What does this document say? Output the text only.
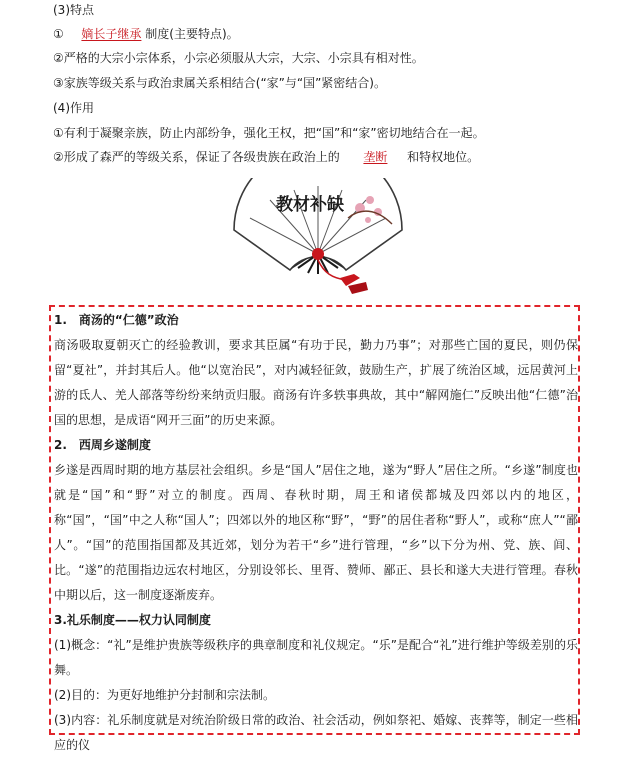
(3)特点
① 嫡长子继承 制度(主要特点)。
②严格的大宗小宗体系，小宗必须服从大宗，大宗、小宗具有相对性。
③家族等级关系与政治隶属关系相结合(“家”与“国”紧密结合)。
(4)作用
①有利于凝聚亲族，防止内部纷争，强化王权，把“国”和“家”密切地结合在一起。
②形成了森严的等级关系，保证了各级贵族在政治上的 垄断 和特权地位。
教材补缺

1.　商汤的“仁德”政治

商汤吸取夏朝灭亡的经验教训，要求其臣属“有功于民，勤力乃事”；对那些亡国的夏民，则仍保留“夏社”，并封其后人。他“以宽治民”，对内减轻征敛，鼓励生产，扩展了统治区域，远居黄河上游的氐人、羌人部落等纷纷来纳贡归服。商汤有许多轶事典故，其中“解网施仁”反映出他“仁德”治国的思想，是成语“网开三面”的历史来源。

2.　西周乡遂制度

乡遂是西周时期的地方基层社会组织。乡是“国人”居住之地，遂为“野人”居住之所。“乡遂”制度也就是“国”和“野”对立的制度。西周、春秋时期，周王和诸侯都城及四郊以内的地区，称“国”，“国”中之人称“国人”；四郊以外的地区称“野”，“野”的居住者称“野人”，或称“庶人”“鄙人”。“国”的范围指国都及其近郊，划分为若干“乡”进行管理，“乡”以下分为州、党、族、闾、比。“遂”的范围指边远农村地区，分别设邻长、里胥、赞师、鄙正、县长和遂大夫进行管理。春秋中期以后，这一制度逐渐废弃。

3.礼乐制度——权力认同制度

(1)概念：“礼”是维护贵族等级秩序的典章制度和礼仪规定。“乐”是配合“礼”进行维护等级差别的乐舞。

(2)目的：为更好地维护分封制和宗法制。

(3)内容：礼乐制度就是对统治阶级日常的政治、社会活动，例如祭祀、婚嫁、丧葬等，制定一些相应的仪
